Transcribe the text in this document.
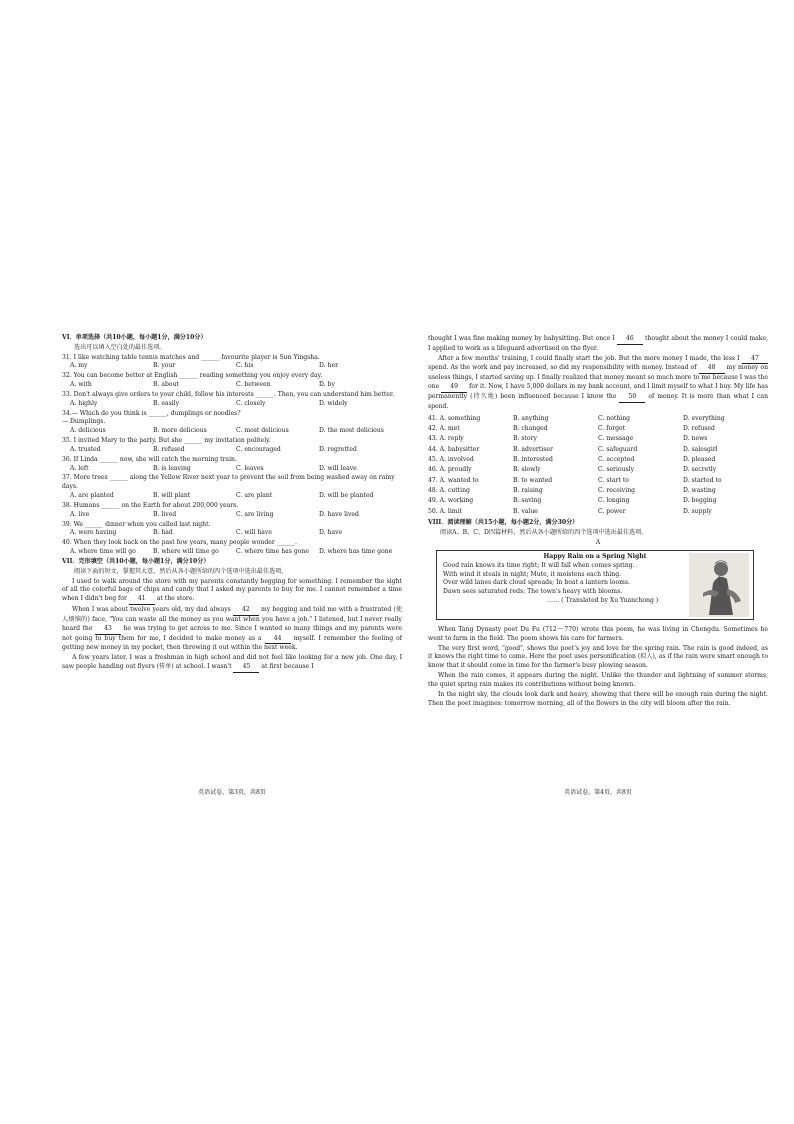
VI．单项选择（共10小题，每小题1分，满分10分）
选出可以填入空白处的最佳选项。
31. I like watching table tennis matches and ______ favourite player is Sun Yingsha.
A. my	B. your	C. his	D. her
32. You can become better at English ______ reading something you enjoy every day.
A. with	B. about	C. between	D. by
33. Don't always give orders to your child, follow his interests ______. Then, you can understand him better.
A. highly	B. easily	C. closely	D. widely
34.— Which do you think is ______, dumplings or noodles?
— Dumplings.
A. delicious	B. more delicious	C. most delicious	D. the most delicious
35. I invited Mary to the party. But she ______ my invitation politely.
A. trusted	B. refused	C. encouraged	D. regretted
36. If Linda ______ now, she will catch the morning train.
A. left	B. is leaving	C. leaves	D. will leave
37. More trees ______ along the Yellow River next year to prevent the soil from being washed away on rainy days.
A. are planted	B. will plant	C. are plant	D. will be planted
38. Humans ______ on the Earth for about 200,000 years.
A. live	B. lived	C. are living	D. have lived
39. We ______ dinner when you called last night.
A. were having	B. had	C. will have	D. have
40. When they look back on the past few years, many people wonder ______.
A. where time will go	B. where will time go	C. where time has gone	D. where has time gone
VII．完形填空（共10小题，每小题1分，满分10分）
阅读下面的短文，掌握其大意，然后从各小题所给的四个选项中选出最佳选项。
I used to walk around the store with my parents constantly begging for something. I remember the sight of all the colorful bags of chips and candy that I asked my parents to buy for me. I cannot remember a time when I didn't beg for 41 at the store.
When I was about twelve years old, my dad always 42 my begging and told me with a frustrated (使人烦恼的) face, "You can waste all the money as you want when you have a job." I listened, but I never really heard the 43 he was trying to get across to me. Since I wanted so many things and my parents were not going to buy them for me, I decided to make money as a 44 myself. I remember the feeling of getting new money in my pocket, then throwing it out within the next week.
A few years later, I was a freshman in high school and did not feel like looking for a new job. One day, I saw people handing out flyers (传单) at school. I wasn't 45 at first because I
英语试卷，第3页，共8页
thought I was fine making money by babysitting. But once I 46 thought about the money I could make, I applied to work as a lifeguard advertised on the flyer.
After a few months' training, I could finally start the job. But the more money I made, the less I 47 spend. As the work and pay increased, so did my responsibility with money. Instead of 48 my money on useless things, I started saving up. I finally realized that money meant so much more to me because I was the one 49 for it. Now, I have 5,000 dollars in my bank account, and I limit myself to what I buy. My life has permanently (持久地) been influenced because I know the 50 of money. It is more than what I can spend.
41. A. something	B. anything	C. nothing	D. everything
42. A. met	B. changed	C. forgot	D. refused
43. A. reply	B. story	C. message	D. news
44. A. babysitter	B. advertiser	C. safeguard	D. salesgirl
45. A. involved	B. interested	C. accepted	D. pleased
46. A. proudly	B. slowly	C. seriously	D. secretly
47. A. wanted to	B. to wanted	C. start to	D. started to
48. A. cutting	B. raising	C. receiving	D. wasting
49. A. working	B. saving	C. longing	D. begging
50. A. limit	B. value	C. power	D. supply
VIII．阅读理解（共15小题，每小题2分，满分30分）
阅读A、B、C、D四篇材料，然后从各小题所给的四个选项中选出最佳选项。
A
Happy Rain on a Spring Night
Good rain knows its time right; It will fall when comes spring.
With wind it steals in night; Mute, it moistens each thing.
Over wild lanes dark cloud spreads; In boat a lantern looms.
Dawn sees saturated reds; The town's heavy with blooms.
…… ( Translated by Xu Yuanchong )
When Tang Dynasty poet Du Fu (712～770) wrote this poem, he was living in Chengdu. Sometimes he went to farm in the field. The poem shows his care for farmers.
The very first word, "good", shows the poet's joy and love for the spring rain. The rain is good indeed, as it knows the right time to come. Here the poet uses personification (拟人), as if the rain were smart enough to know that it should come in time for the farmer's busy plowing season.
When the rain comes, it appears during the night. Unlike the thunder and lightning of summer storms, the quiet spring rain makes its contributions without being known.
In the night sky, the clouds look dark and heavy, showing that there will be enough rain during the night. Then the poet imagines: tomorrow morning, all of the flowers in the city will bloom after the rain.
英语试卷，第4页，共8页
